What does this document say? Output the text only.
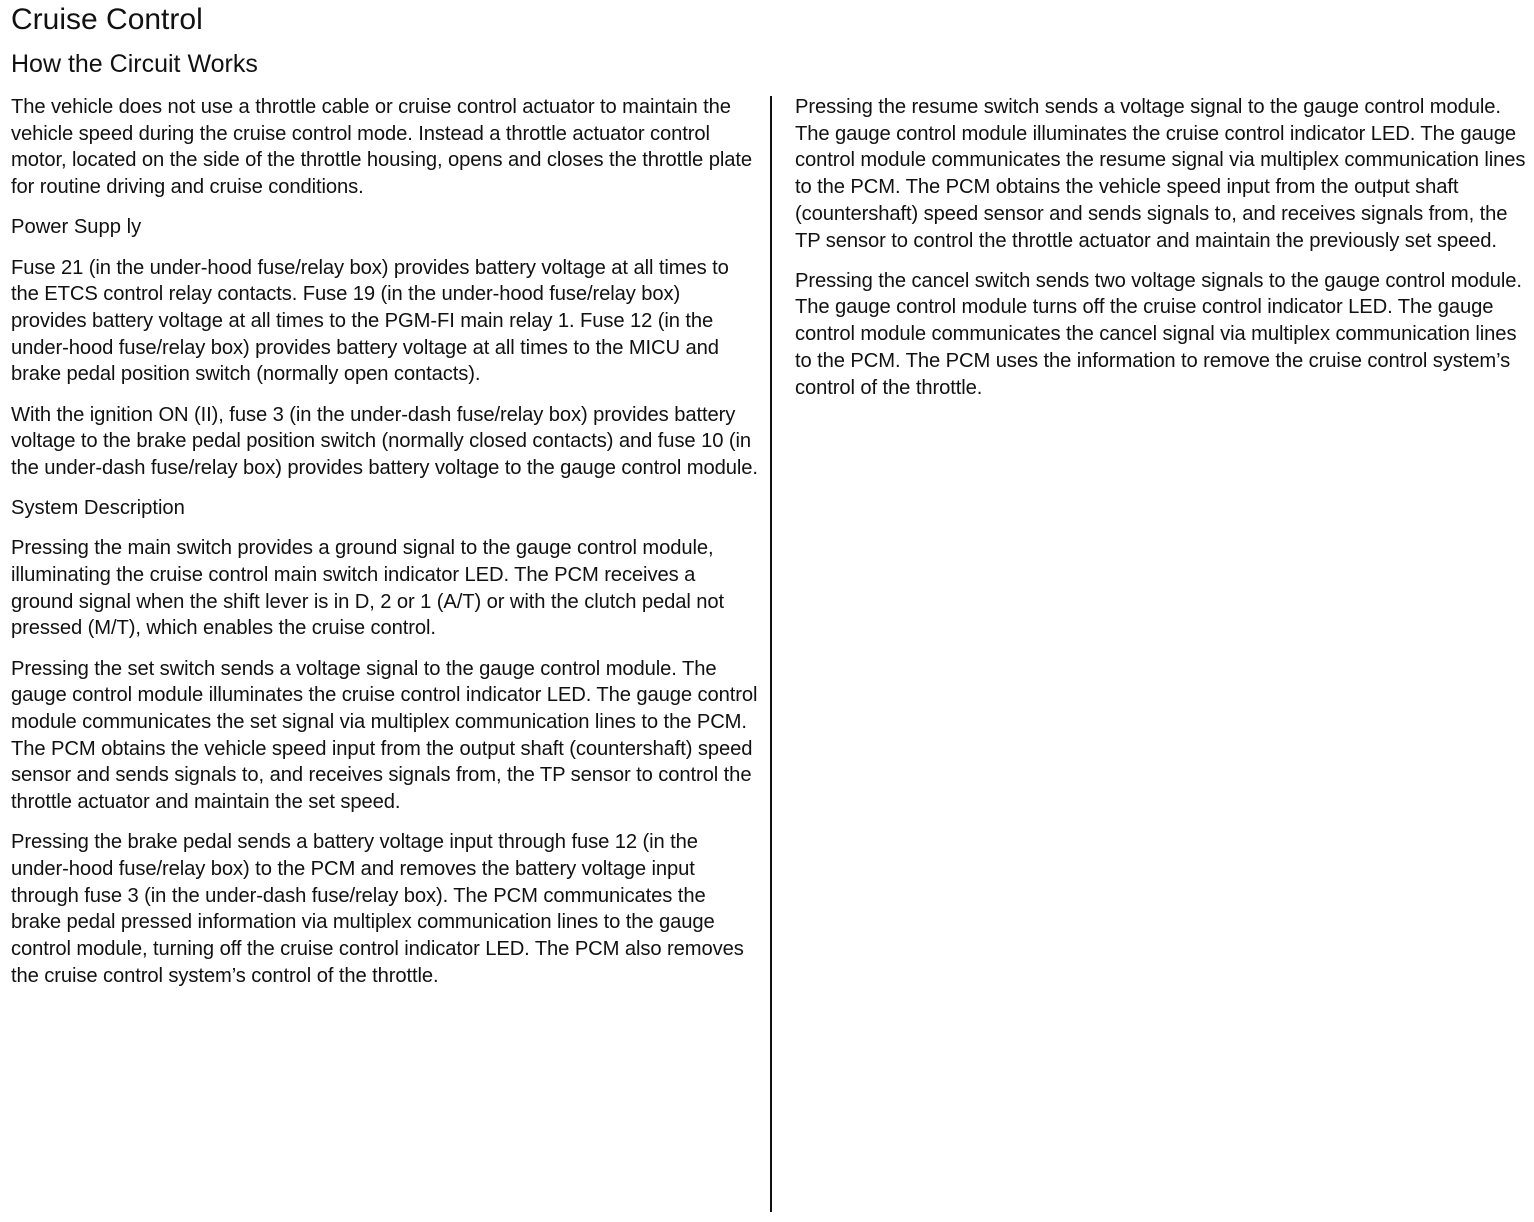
Cruise Control
How the Circuit Works

The vehicle does not use a throttle cable or cruise control actuator to maintain the vehicle speed during the cruise control mode. Instead a throttle actuator control motor, located on the side of the throttle housing, opens and closes the throttle plate for routine driving and cruise conditions.

Power Supp ly

Fuse 21 (in the under-hood fuse/relay box) provides battery voltage at all times to the ETCS control relay contacts. Fuse 19 (in the under-hood fuse/relay box) provides battery voltage at all times to the PGM-FI main relay 1. Fuse 12 (in the under-hood fuse/relay box) provides battery voltage at all times to the MICU and brake pedal position switch (normally open contacts).

With the ignition ON (II), fuse 3 (in the under-dash fuse/relay box) provides battery voltage to the brake pedal position switch (normally closed contacts) and fuse 10 (in the under-dash fuse/relay box) provides battery voltage to the gauge control module.

System Description

Pressing the main switch provides a ground signal to the gauge control module, illuminating the cruise control main switch indicator LED. The PCM receives a ground signal when the shift lever is in D, 2 or 1 (A/T) or with the clutch pedal not pressed (M/T), which enables the cruise control.

Pressing the set switch sends a voltage signal to the gauge control module. The gauge control module illuminates the cruise control indicator LED. The gauge control module communicates the set signal via multiplex communication lines to the PCM. The PCM obtains the vehicle speed input from the output shaft (countershaft) speed sensor and sends signals to, and receives signals from, the TP sensor to control the throttle actuator and maintain the set speed.

Pressing the brake pedal sends a battery voltage input through fuse 12 (in the under-hood fuse/relay box) to the PCM and removes the battery voltage input through fuse 3 (in the under-dash fuse/relay box). The PCM communicates the brake pedal pressed information via multiplex communication lines to the gauge control module, turning off the cruise control indicator LED. The PCM also removes the cruise control system’s control of the throttle.

Pressing the resume switch sends a voltage signal to the gauge control module. The gauge control module illuminates the cruise control indicator LED. The gauge control module communicates the resume signal via multiplex communication lines to the PCM. The PCM obtains the vehicle speed input from the output shaft (countershaft) speed sensor and sends signals to, and receives signals from, the TP sensor to control the throttle actuator and maintain the previously set speed.

Pressing the cancel switch sends two voltage signals to the gauge control module. The gauge control module turns off the cruise control indicator LED. The gauge control module communicates the cancel signal via multiplex communication lines to the PCM. The PCM uses the information to remove the cruise control system’s control of the throttle.
